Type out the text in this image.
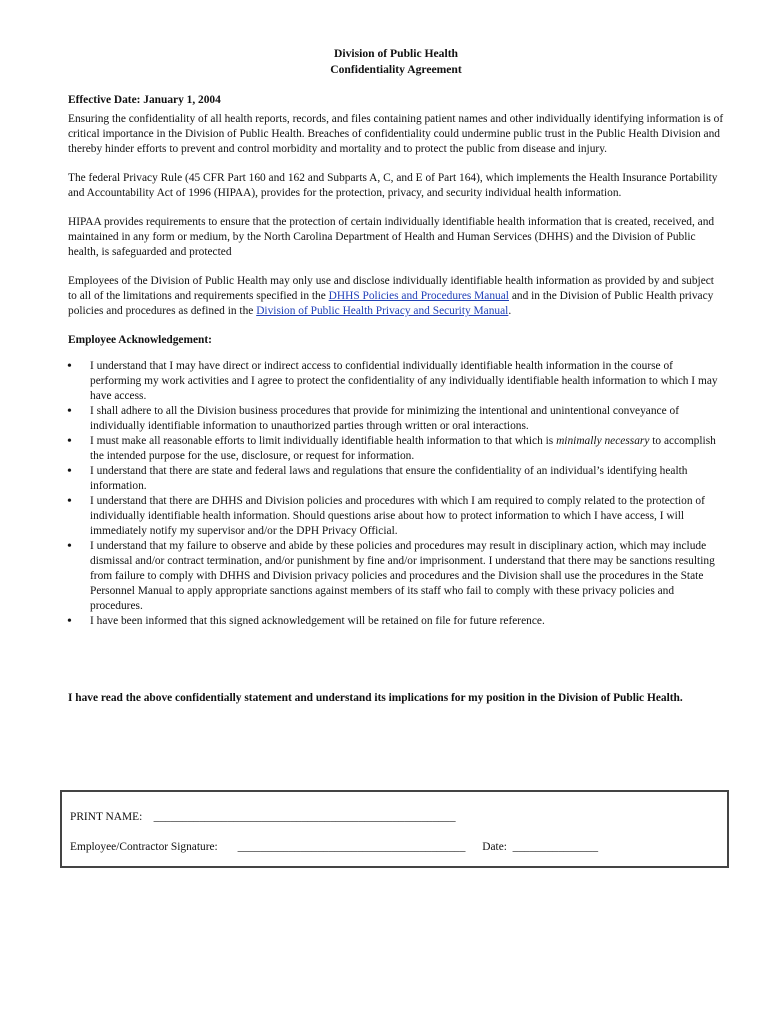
Division of Public Health
Confidentiality Agreement
Effective Date: January 1, 2004

Ensuring the confidentiality of all health reports, records, and files containing patient names and other individually identifying information is of critical importance in the Division of Public Health. Breaches of confidentiality could undermine public trust in the Public Health Division and thereby hinder efforts to prevent and control morbidity and mortality and to protect the public from disease and injury.

The federal Privacy Rule (45 CFR Part 160 and 162 and Subparts A, C, and E of Part 164), which implements the Health Insurance Portability and Accountability Act of 1996 (HIPAA), provides for the protection, privacy, and security individual health information.

HIPAA provides requirements to ensure that the protection of certain individually identifiable health information that is created, received, and maintained in any form or medium, by the North Carolina Department of Health and Human Services (DHHS) and the Division of Public health, is safeguarded and protected

Employees of the Division of Public Health may only use and disclose individually identifiable health information as provided by and subject to all of the limitations and requirements specified in the DHHS Policies and Procedures Manual and in the Division of Public Health privacy policies and procedures as defined in the Division of Public Health Privacy and Security Manual.

Employee Acknowledgement:
• I understand that I may have direct or indirect access to confidential individually identifiable health information in the course of performing my work activities and I agree to protect the confidentiality of any individually identifiable health information to which I may have access.
• I shall adhere to all the Division business procedures that provide for minimizing the intentional and unintentional conveyance of individually identifiable information to unauthorized parties through written or oral interactions.
• I must make all reasonable efforts to limit individually identifiable health information to that which is minimally necessary to accomplish the intended purpose for the use, disclosure, or request for information.
• I understand that there are state and federal laws and regulations that ensure the confidentiality of an individual’s identifying health information.
• I understand that there are DHHS and Division policies and procedures with which I am required to comply related to the protection of individually identifiable health information. Should questions arise about how to protect information to which I have access, I will immediately notify my supervisor and/or the DPH Privacy Official.
• I understand that my failure to observe and abide by these policies and procedures may result in disciplinary action, which may include dismissal and/or contract termination, and/or punishment by fine and/or imprisonment. I understand that there may be sanctions resulting from failure to comply with DHHS and Division privacy policies and procedures and the Division shall use the procedures in the State Personnel Manual to apply appropriate sanctions against members of its staff who fail to comply with these privacy policies and procedures.
• I have been informed that this signed acknowledgement will be retained on file for future reference.

I have read the above confidentially statement and understand its implications for my position in the Division of Public Health.

PRINT NAME: _____________________________________________________
Employee/Contractor Signature: ________________________________________ Date: _______________
